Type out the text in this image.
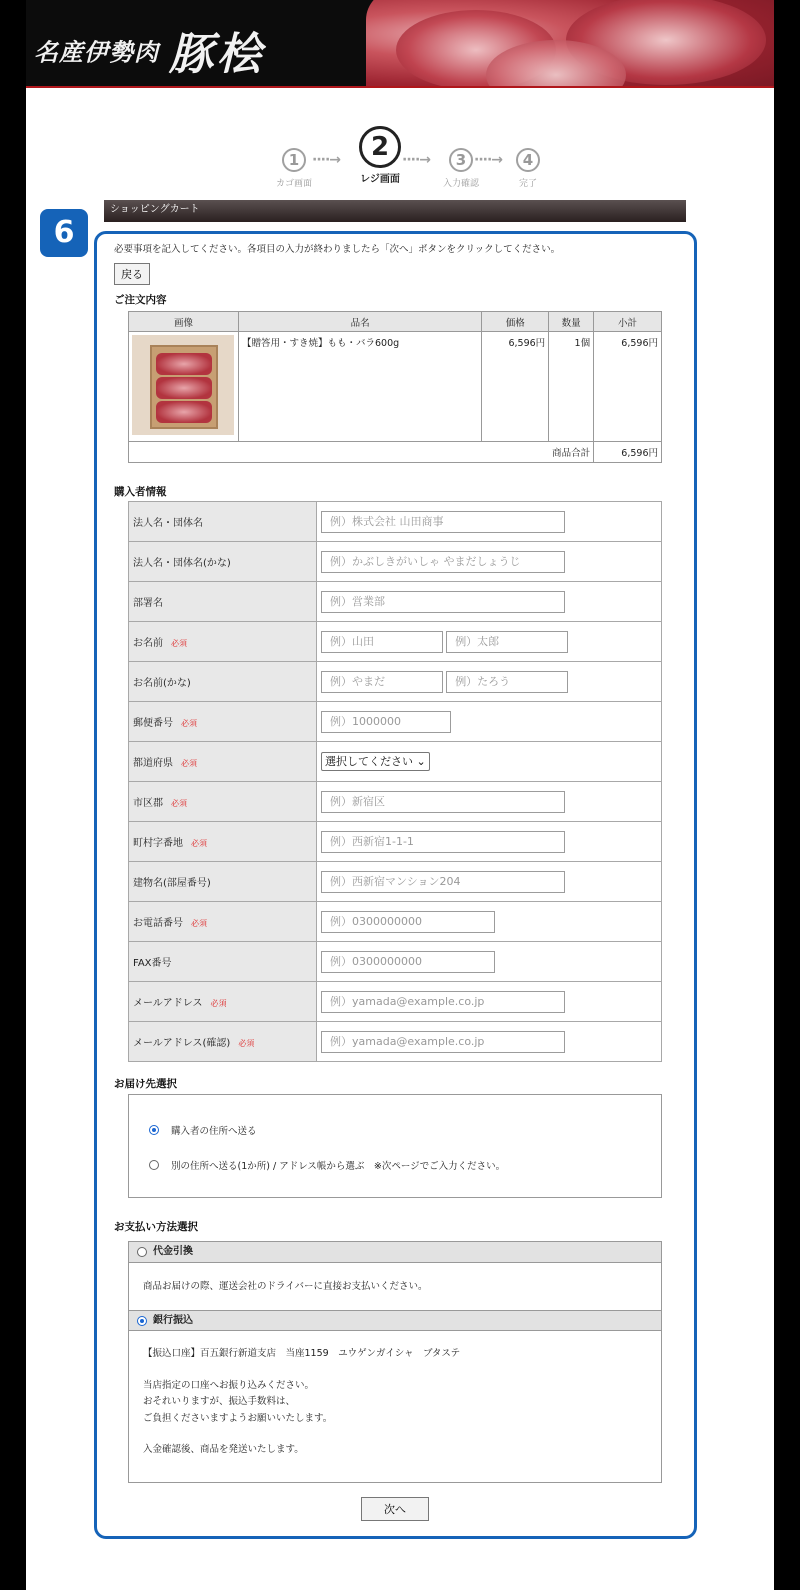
名産伊勢肉 豚桧
1
カゴ画面
····→	2
レジ画面
····→	3
入力確認
····→	4
完了
ショッピングカート
6	必要事項を記入してください。各項目の入力が終わりましたら「次へ」ボタンをクリックしてください。
戻る
ご注文内容
画像	品名	価格	数量	小計

	【贈答用・すき焼】もも・バラ600g	6,596円	1個	6,596円
商品合計				6,596円
購入者情報
法人名・団体名	例）株式会社 山田商事
法人名・団体名(かな)	例）かぶしきがいしゃ やまだしょうじ
部署名	例）営業部
お名前 必須	例）山田 例）太郎
お名前(かな)	例）やまだ 例）たろう
郵便番号 必須	例）1000000
都道府県 必須	選択してください ⌄
市区郡 必須	例）新宿区
町村字番地 必須	例）西新宿1-1-1
建物名(部屋番号)	例）西新宿マンション204
お電話番号 必須	例）0300000000
FAX番号	例）0300000000
メールアドレス 必須	例）yamada@example.co.jp
メールアドレス(確認) 必須	例）yamada@example.co.jp
お届け先選択
購入者の住所へ送る
別の住所へ送る(1か所) / アドレス帳から選ぶ　※次ページでご入力ください。
お支払い方法選択
代金引換

商品お届けの際、運送会社のドライバーに直接お支払いください。

銀行振込

【振込口座】百五銀行新道支店　当座1159　ユウゲンガイシャ　ブタステ

当店指定の口座へお振り込みください。

おそれいりますが、振込手数料は、

ご負担くださいますようお願いいたします。

入金確認後、商品を発送いたします。

次へ
